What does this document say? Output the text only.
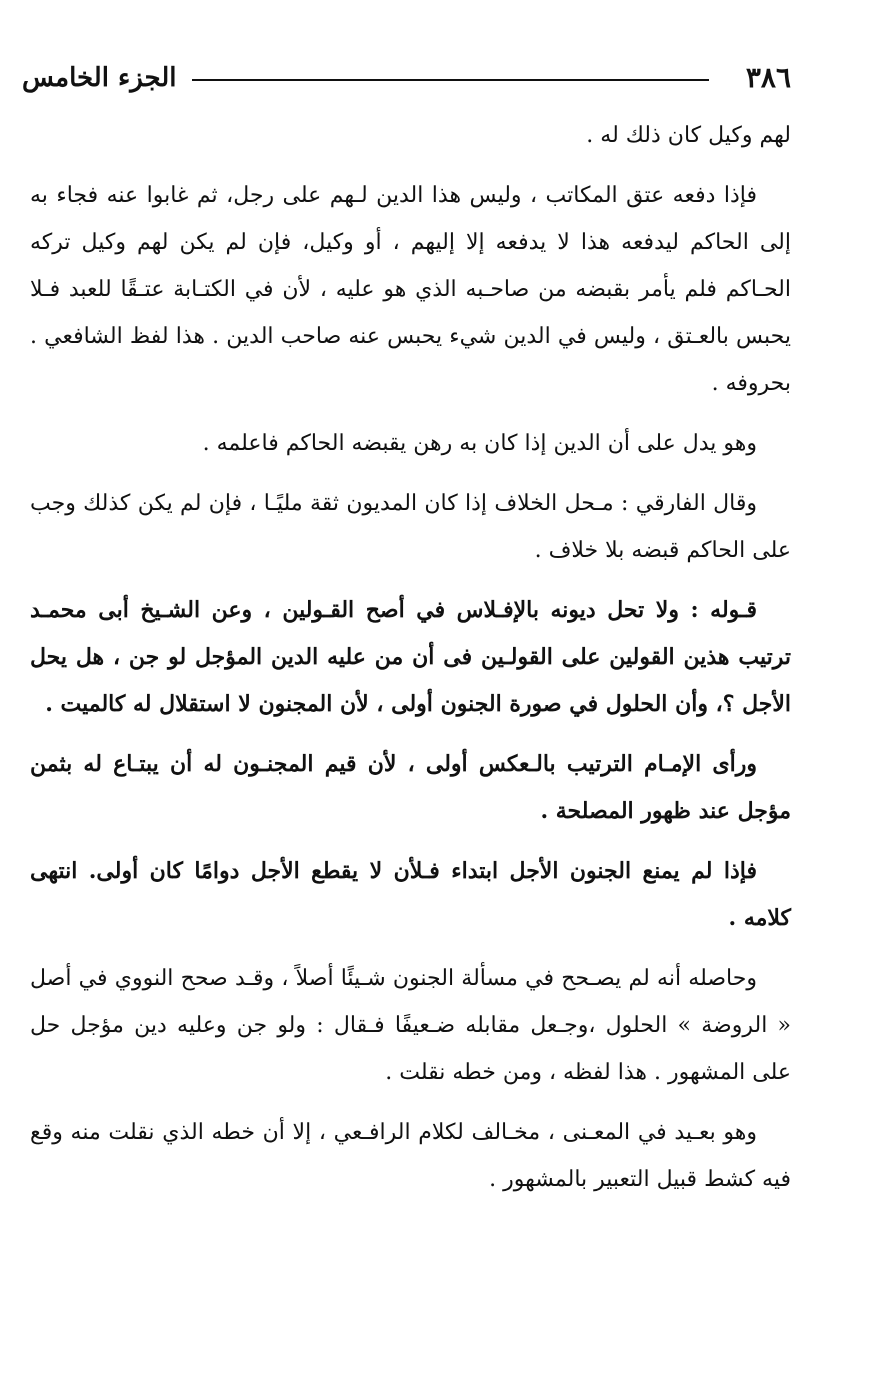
٣٨٦
الجزء الخامس

لهم وكيل كان ذلك له .

فإذا دفعه عتق المكاتب ، وليس هذا الدين لـهم على رجل، ثم غابوا عنه فجاء به إلى الحاكم ليدفعه هذا لا يدفعه إلا إليهم ، أو وكيل، فإن لم يكن لهم وكيل تركه الحـاكم فلم يأمر بقبضه من صاحـبه الذي هو عليه ، لأن في الكتـابة عتـقًا للعبد فـلا يحبس بالعـتق ، وليس في الدين شيء يحبس عنه صاحب الدين . هذا لفظ الشافعي . بحروفه .

وهو يدل على أن الدين إذا كان به رهن يقبضه الحاكم فاعلمه .

وقال الفارقي : مـحل الخلاف إذا كان المديون ثقة مليًـا ، فإن لم يكن كذلك وجب على الحاكم قبضه بلا خلاف .

قـوله : ولا تحل ديونه بالإفـلاس في أصح القـولين ، وعن الشـيخ أبى محمـد ترتيب هذين القولين على القولـين فى أن من عليه الدين المؤجل لو جن ، هل يحل الأجل ؟، وأن الحلول في صورة الجنون أولى ، لأن المجنون لا استقلال له كالميت .

ورأى الإمـام الترتيب بالـعكس أولى ، لأن قيم المجنـون له أن يبتـاع له بثمن مؤجل عند ظهور المصلحة .

فإذا لم يمنع الجنون الأجل ابتداء فـلأن لا يقطع الأجل دوامًا كان أولى. انتهى كلامه .

وحاصله أنه لم يصـحح في مسألة الجنون شـيئًا أصلاً ، وقـد صحح النووي في أصل « الروضة » الحلول ،وجـعل مقابله ضـعيفًا فـقال : ولو جن وعليه دين مؤجل حل على المشهور . هذا لفظه ، ومن خطه نقلت .

وهو بعـيد في المعـنى ، مخـالف لكلام الرافـعي ، إلا أن خطه الذي نقلت منه وقع فيه كشط قبيل التعبير بالمشهور .
